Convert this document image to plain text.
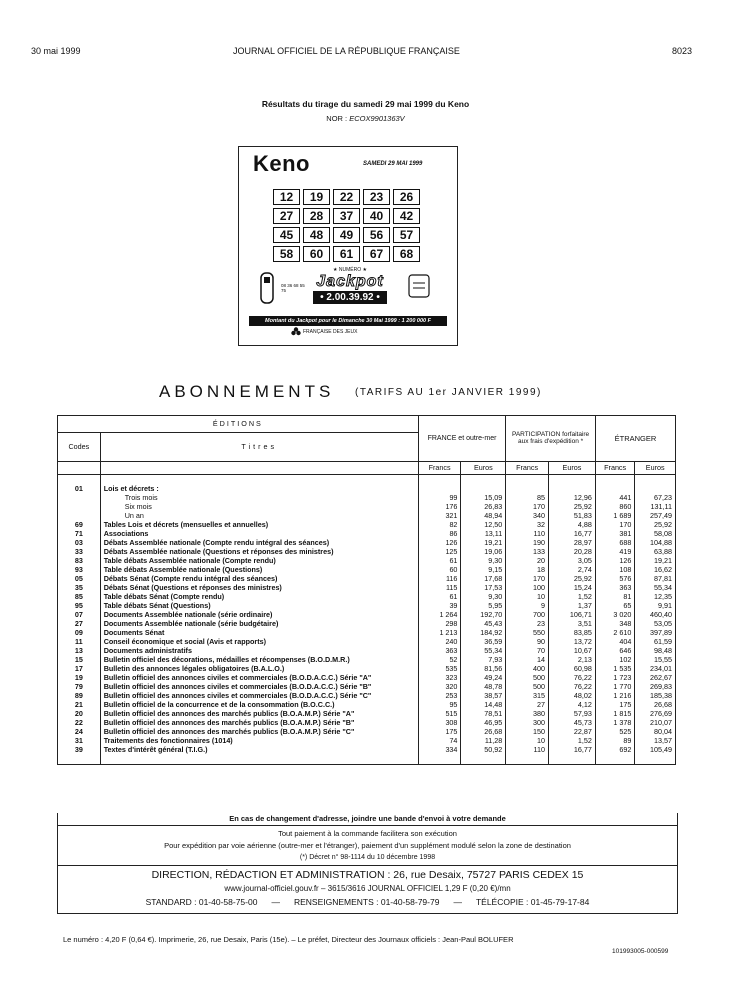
30 mai 1999	JOURNAL OFFICIEL DE LA RÉPUBLIQUE FRANÇAISE	8023
Résultats du tirage du samedi 29 mai 1999 du Keno
NOR : ECOX9901363V
Keno	SAMEDI 29 MAI 1999
12	19	22	23	26
27	28	37	40	42
45	48	49	56	57
58	60	61	67	68
08 36 68 55 75
★ NUMÉRO ★
Jackpot
• 2.00.39.92 •
Montant du Jackpot pour le Dimanche 30 Mai 1999 : 1 200 000 F
FRANÇAISE DES JEUX
ABONNEMENTS (TARIFS AU 1er JANVIER 1999)
ÉDITIONS		FRANCE et outre-mer		PARTICIPATION forfaitaire aux frais d'expédition *		ÉTRANGER	
Codes	Titres						
		Francs	Euros	Francs	Euros	Francs	Euros

01	Lois et décrets :						
	Trois mois	99	15,09	85	12,96	441	67,23
	Six mois	176	26,83	170	25,92	860	131,11
	Un an	321	48,94	340	51,83	1 689	257,49
69	Tables Lois et décrets (mensuelles et annuelles)	82	12,50	32	4,88	170	25,92
71	Associations	86	13,11	110	16,77	381	58,08
03	Débats Assemblée nationale (Compte rendu intégral des séances)	126	19,21	190	28,97	688	104,88
33	Débats Assemblée nationale (Questions et réponses des ministres)	125	19,06	133	20,28	419	63,88
83	Table débats Assemblée nationale (Compte rendu)	61	9,30	20	3,05	126	19,21
93	Table débats Assemblée nationale (Questions)	60	9,15	18	2,74	108	16,62
05	Débats Sénat (Compte rendu intégral des séances)	116	17,68	170	25,92	576	87,81
35	Débats Sénat (Questions et réponses des ministres)	115	17,53	100	15,24	363	55,34
85	Table débats Sénat (Compte rendu)	61	9,30	10	1,52	81	12,35
95	Table débats Sénat (Questions)	39	5,95	9	1,37	65	9,91
07	Documents Assemblée nationale (série ordinaire)	1 264	192,70	700	106,71	3 020	460,40
27	Documents Assemblée nationale (série budgétaire)	298	45,43	23	3,51	348	53,05
09	Documents Sénat	1 213	184,92	550	83,85	2 610	397,89
11	Conseil économique et social (Avis et rapports)	240	36,59	90	13,72	404	61,59
13	Documents administratifs	363	55,34	70	10,67	646	98,48
15	Bulletin officiel des décorations, médailles et récompenses (B.O.D.M.R.)	52	7,93	14	2,13	102	15,55
17	Bulletin des annonces légales obligatoires (B.A.L.O.)	535	81,56	400	60,98	1 535	234,01
19	Bulletin officiel des annonces civiles et commerciales (B.O.D.A.C.C.) Série "A"	323	49,24	500	76,22	1 723	262,67
79	Bulletin officiel des annonces civiles et commerciales (B.O.D.A.C.C.) Série "B"	320	48,78	500	76,22	1 770	269,83
89	Bulletin officiel des annonces civiles et commerciales (B.O.D.A.C.C.) Série "C"	253	38,57	315	48,02	1 216	185,38
21	Bulletin officiel de la concurrence et de la consommation (B.O.C.C.)	95	14,48	27	4,12	175	26,68
20	Bulletin officiel des annonces des marchés publics (B.O.A.M.P.) Série "A"	515	78,51	380	57,93	1 815	276,69
22	Bulletin officiel des annonces des marchés publics (B.O.A.M.P.) Série "B"	308	46,95	300	45,73	1 378	210,07
24	Bulletin officiel des annonces des marchés publics (B.O.A.M.P.) Série "C"	175	26,68	150	22,87	525	80,04
31	Traitements des fonctionnaires (1014)	74	11,28	10	1,52	89	13,57
39	Textes d'intérêt général (T.I.G.)	334	50,92	110	16,77	692	105,49

En cas de changement d'adresse, joindre une bande d'envoi à votre demande
Tout paiement à la commande facilitera son exécution
Pour expédition par voie aérienne (outre-mer et l'étranger), paiement d'un supplément modulé selon la zone de destination
(*) Décret n° 98-1114 du 10 décembre 1998
DIRECTION, RÉDACTION ET ADMINISTRATION : 26, rue Desaix, 75727 PARIS CEDEX 15
www.journal-officiel.gouv.fr – 3615/3616 JOURNAL OFFICIEL 1,29 F (0,20 €)/mn
STANDARD : 01-40-58-75-00 — RENSEIGNEMENTS : 01-40-58-79-79 — TÉLÉCOPIE : 01-45-79-17-84
Le numéro : 4,20 F (0,64 €). Imprimerie, 26, rue Desaix, Paris (15e). – Le préfet, Directeur des Journaux officiels : Jean-Paul BOLUFER
101993005-000599
